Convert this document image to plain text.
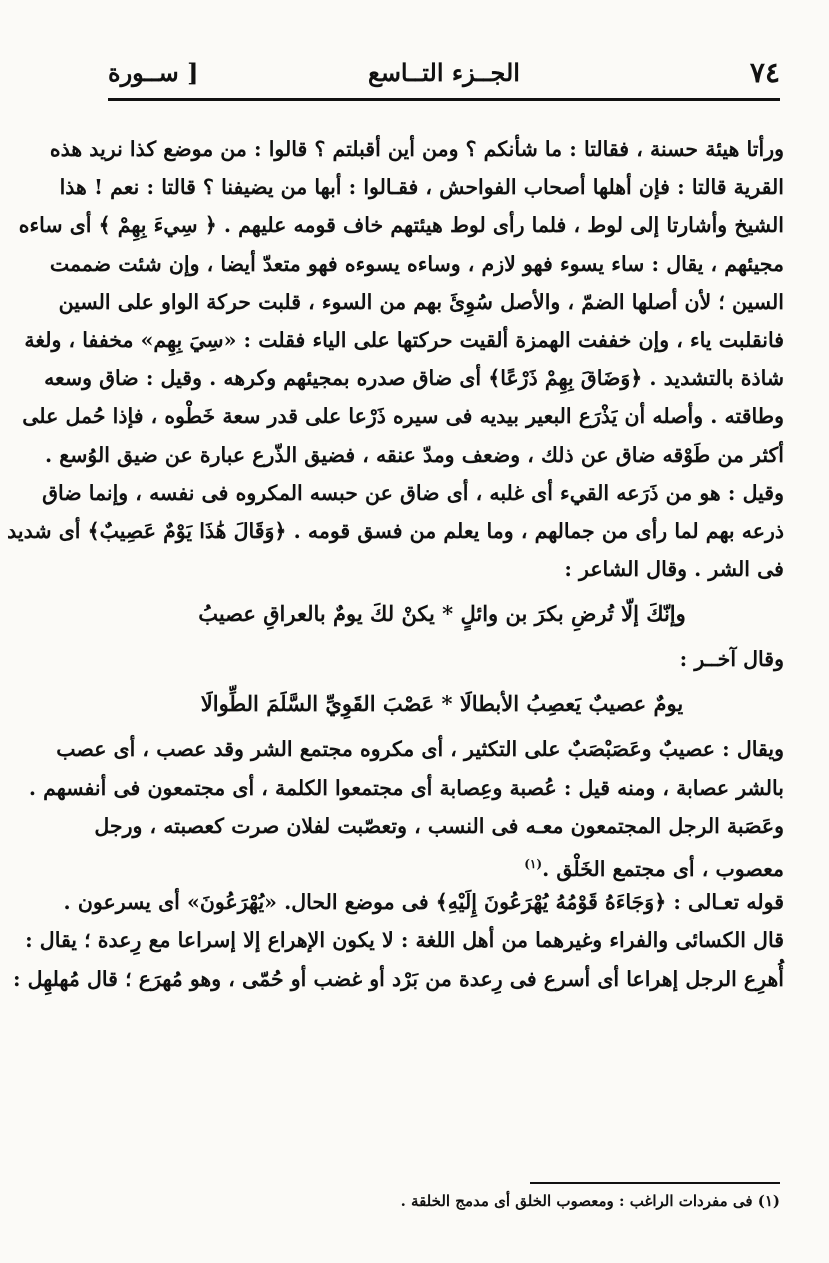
٧٤
الجــزء التــاسع
[ ســورة
ورأتا هيئة حسنة ، فقالتا : ما شأنكم ؟ ومن أين أقبلتم ؟ قالوا : من موضع كذا نريد هذه
القرية قالتا : فإن أهلها أصحاب الفواحش ، فقـالوا : أبها من يضيفنا ؟ قالتا : نعم ! هذا
الشيخ وأشارتا إلى لوط ، فلما رأى لوط هيئتهم خاف قومه عليهم . ﴿ سِيءَ بِهِمْ ﴾ أى ساءه
مجيئهم ، يقال : ساء يسوء فهو لازم ، وساءه يسوءه فهو متعدّ أيضا ، وإن شئت ضممت
السين ؛ لأن أصلها الضمّ ، والأصل سُوِئَ بهم من السوء ، قلبت حركة الواو على السين
فانقلبت ياء ، وإن خففت الهمزة ألقيت حركتها على الياء فقلت : «سِيَ بِهِم» مخففا ، ولغة
شاذة بالتشديد . ﴿وَضَاقَ بِهِمْ ذَرْعًا﴾ أى ضاق صدره بمجيئهم وكرهه . وقيل : ضاق وسعه
وطاقته . وأصله أن يَذْرَع البعير بيديه فى سيره ذَرْعا على قدر سعة خَطْوه ، فإذا حُمل على
أكثر من طَوْقه ضاق عن ذلك ، وضعف ومدّ عنقه ، فضيق الذّرع عبارة عن ضيق الوُسع .
وقيل : هو من ذَرَعه القيء أى غلبه ، أى ضاق عن حبسه المكروه فى نفسه ، وإنما ضاق
ذرعه بهم لما رأى من جمالهم ، وما يعلم من فسق قومه . ﴿وَقَالَ هَٰذَا يَوْمٌ عَصِيبٌ﴾ أى شديد
فى الشر . وقال الشاعر :
وإنّكَ إلّا تُرضِ بكرَ بن وائلٍ * يكنْ لكَ يومٌ بالعراقِ عصيبُ
وقال آخــر :
يومٌ عصيبٌ يَعصِبُ الأبطالَا * عَصْبَ القَوِيِّ السَّلَمَ الطِّوالَا
ويقال : عصيبٌ وعَصَبْصَبٌ على التكثير ، أى مكروه مجتمع الشر وقد عصب ، أى عصب
بالشر عصابة ، ومنه قيل : عُصبة وعِصابة أى مجتمعوا الكلمة ، أى مجتمعون فى أنفسهم .
وعَصَبة الرجل المجتمعون معـه فى النسب ، وتعصّبت لفلان صرت كعصبته ، ورجل
معصوب ، أى مجتمع الخَلْق .(١)
قوله تعـالى : ﴿وَجَاءَهُ قَوْمُهُ يُهْرَعُونَ إِلَيْهِ﴾ فى موضع الحال. «يُهْرَعُونَ» أى يسرعون .
قال الكسائى والفراء وغيرهما من أهل اللغة : لا يكون الإهراع إلا إسراعا مع رِعدة ؛ يقال :
أُهرِع الرجل إهراعا أى أسرع فى رِعدة من بَرْد أو غضب أو حُمّى ، وهو مُهرَع ؛ قال مُهلهِل :
(١) فى مفردات الراغب : ومعصوب الخلق أى مدمج الخلقة .
